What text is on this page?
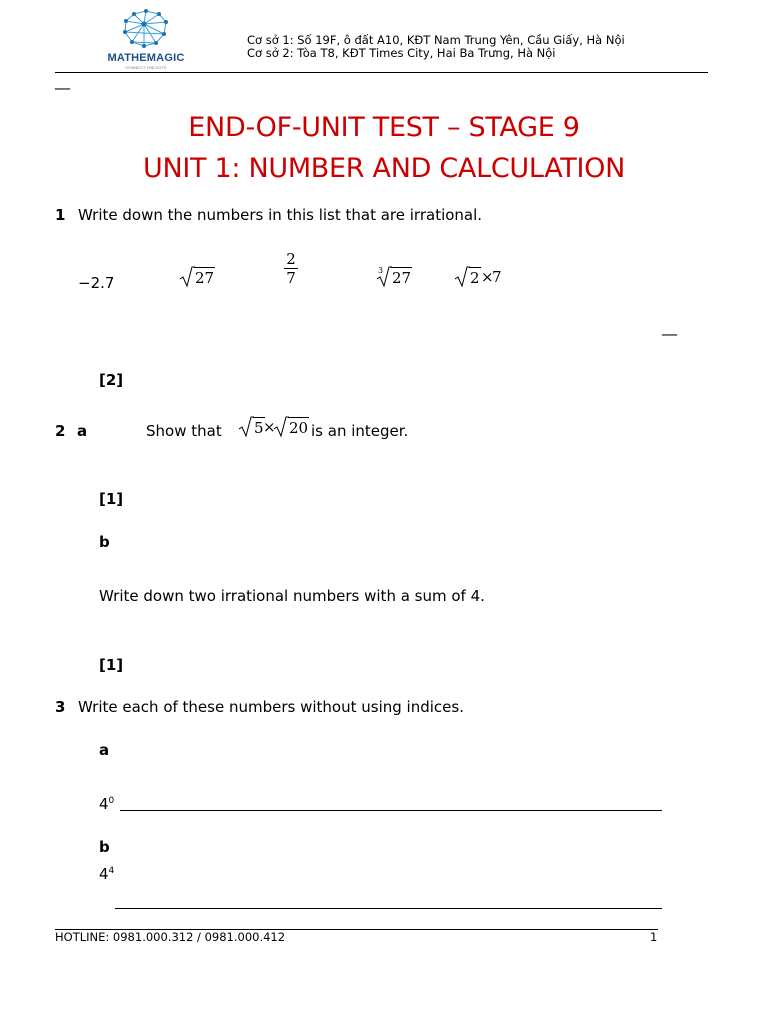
MATHEMAGIC
CONNECT THE DOTS
Cơ sở 1: Số 19F, ô đất A10, KĐT Nam Trung Yên, Cầu Giấy, Hà Nội
Cơ sở 2: Tòa T8, KĐT Times City, Hai Ba Trưng, Hà Nội
__
END-OF-UNIT TEST – STAGE 9
UNIT 1: NUMBER AND CALCULATION
1 Write down the numbers in this list that are irrational.
−2.7	27	$\frac{2}{7}$	3 27	2 ×
7
__
[2]
2 a	Show that 5 × 20 is an integer.
[1]
b
Write down two irrational numbers with a sum of 4.
[1]
3 Write each of these numbers without using indices.
a
$4^0$
b
$4^4$
HOTLINE: 0981.000.312 / 0981.000.412	1
